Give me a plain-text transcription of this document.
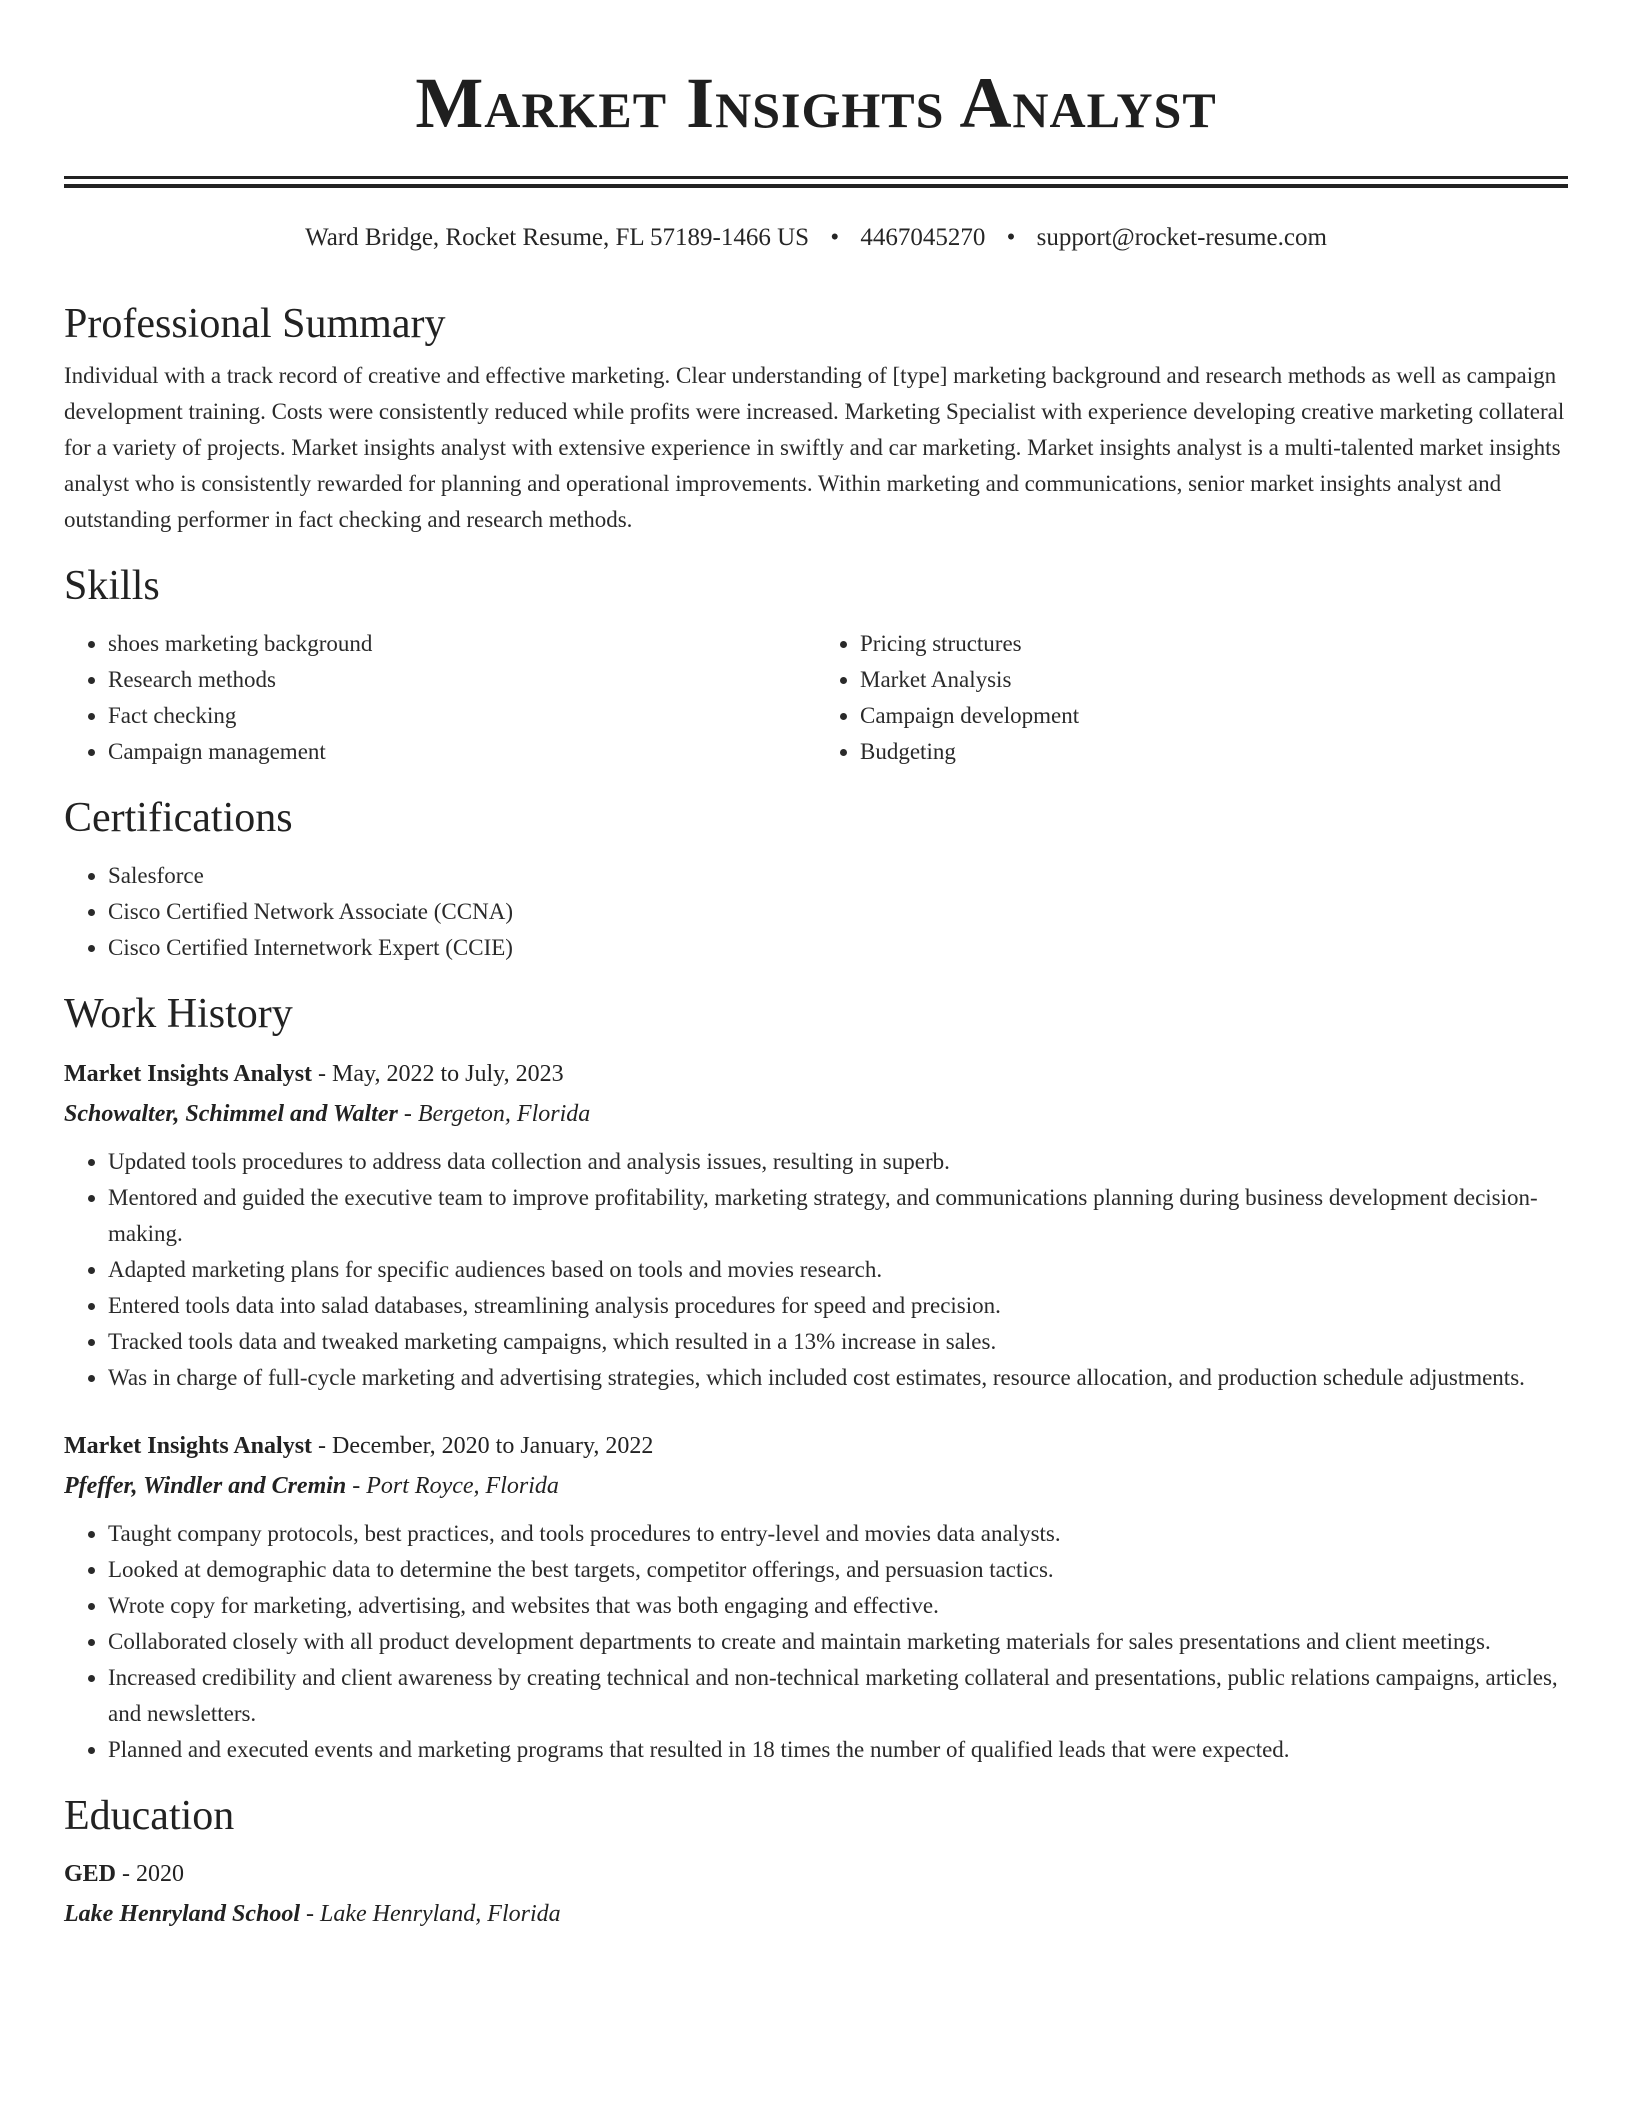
Market Insights Analyst
Ward Bridge, Rocket Resume, FL 57189-1466 US • 4467045270 • support@rocket-resume.com
Professional Summary

Individual with a track record of creative and effective marketing. Clear understanding of [type] marketing background and research methods as well as campaign development training. Costs were consistently reduced while profits were increased. Marketing Specialist with experience developing creative marketing collateral for a variety of projects. Market insights analyst with extensive experience in swiftly and car marketing. Market insights analyst is a multi-talented market insights analyst who is consistently rewarded for planning and operational improvements. Within marketing and communications, senior market insights analyst and outstanding performer in fact checking and research methods.

Skills
• shoes marketing background
• Research methods
• Fact checking
• Campaign management
• Pricing structures
• Market Analysis
• Campaign development
• Budgeting
Certifications
• Salesforce
• Cisco Certified Network Associate (CCNA)
• Cisco Certified Internetwork Expert (CCIE)
Work History
Market Insights Analyst - May, 2022 to July, 2023
Schowalter, Schimmel and Walter - Bergeton, Florida
• Updated tools procedures to address data collection and analysis issues, resulting in superb.
• Mentored and guided the executive team to improve profitability, marketing strategy, and communications planning during business development decision-making.
• Adapted marketing plans for specific audiences based on tools and movies research.
• Entered tools data into salad databases, streamlining analysis procedures for speed and precision.
• Tracked tools data and tweaked marketing campaigns, which resulted in a 13% increase in sales.
• Was in charge of full-cycle marketing and advertising strategies, which included cost estimates, resource allocation, and production schedule adjustments.
Market Insights Analyst - December, 2020 to January, 2022
Pfeffer, Windler and Cremin - Port Royce, Florida
• Taught company protocols, best practices, and tools procedures to entry-level and movies data analysts.
• Looked at demographic data to determine the best targets, competitor offerings, and persuasion tactics.
• Wrote copy for marketing, advertising, and websites that was both engaging and effective.
• Collaborated closely with all product development departments to create and maintain marketing materials for sales presentations and client meetings.
• Increased credibility and client awareness by creating technical and non-technical marketing collateral and presentations, public relations campaigns, articles, and newsletters.
• Planned and executed events and marketing programs that resulted in 18 times the number of qualified leads that were expected.
Education
GED - 2020
Lake Henryland School - Lake Henryland, Florida
